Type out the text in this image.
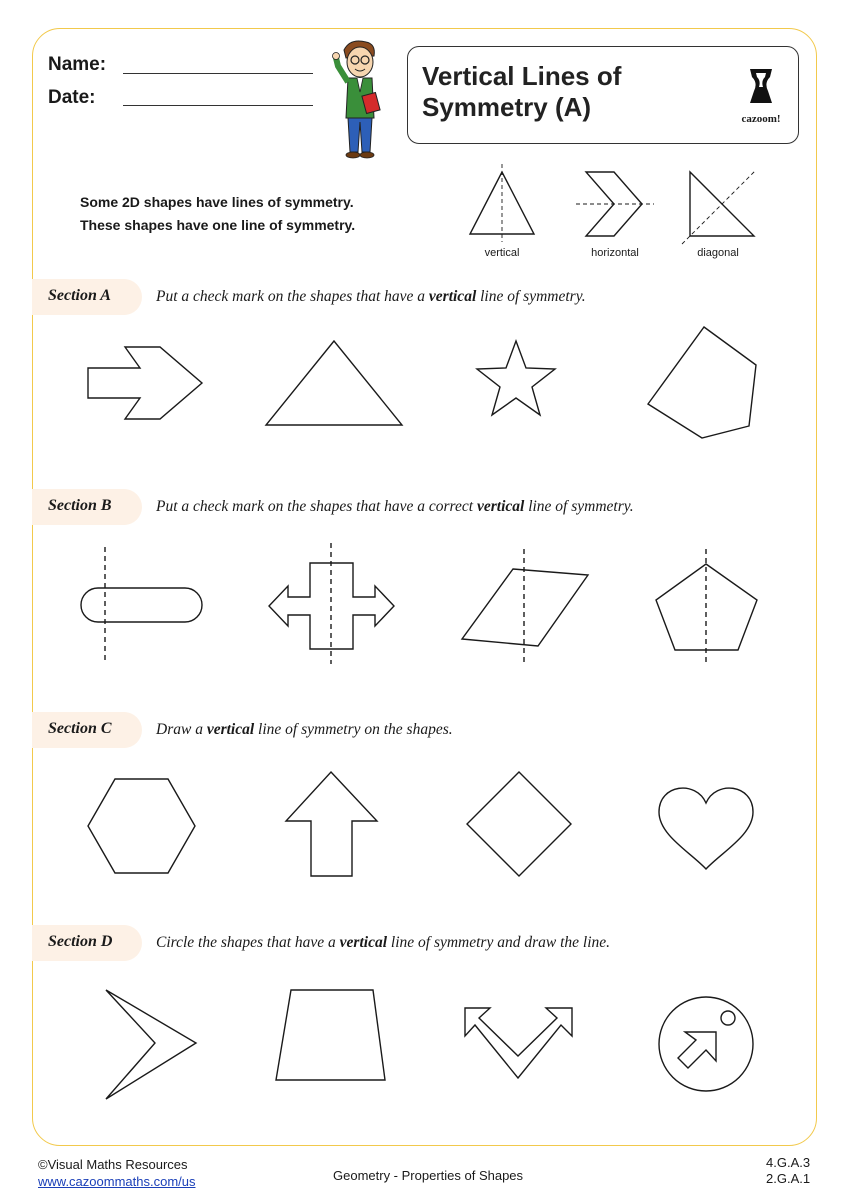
Name:
Date:
Vertical Lines of
Symmetry (A)	cazoom!
Some 2D shapes have lines of symmetry.
These shapes have one line of symmetry.
vertical	horizontal	diagonal
Section A	Put a check mark on the shapes that have a vertical line of symmetry.
Section B	Put a check mark on the shapes that have a correct vertical line of symmetry.
Section C	Draw a vertical line of symmetry on the shapes.
Section D	Circle the shapes that have a vertical line of symmetry and draw the line.
©Visual Maths Resources
www.cazoommaths.com/us	Geometry - Properties of Shapes
4.G.A.3
2.G.A.1
